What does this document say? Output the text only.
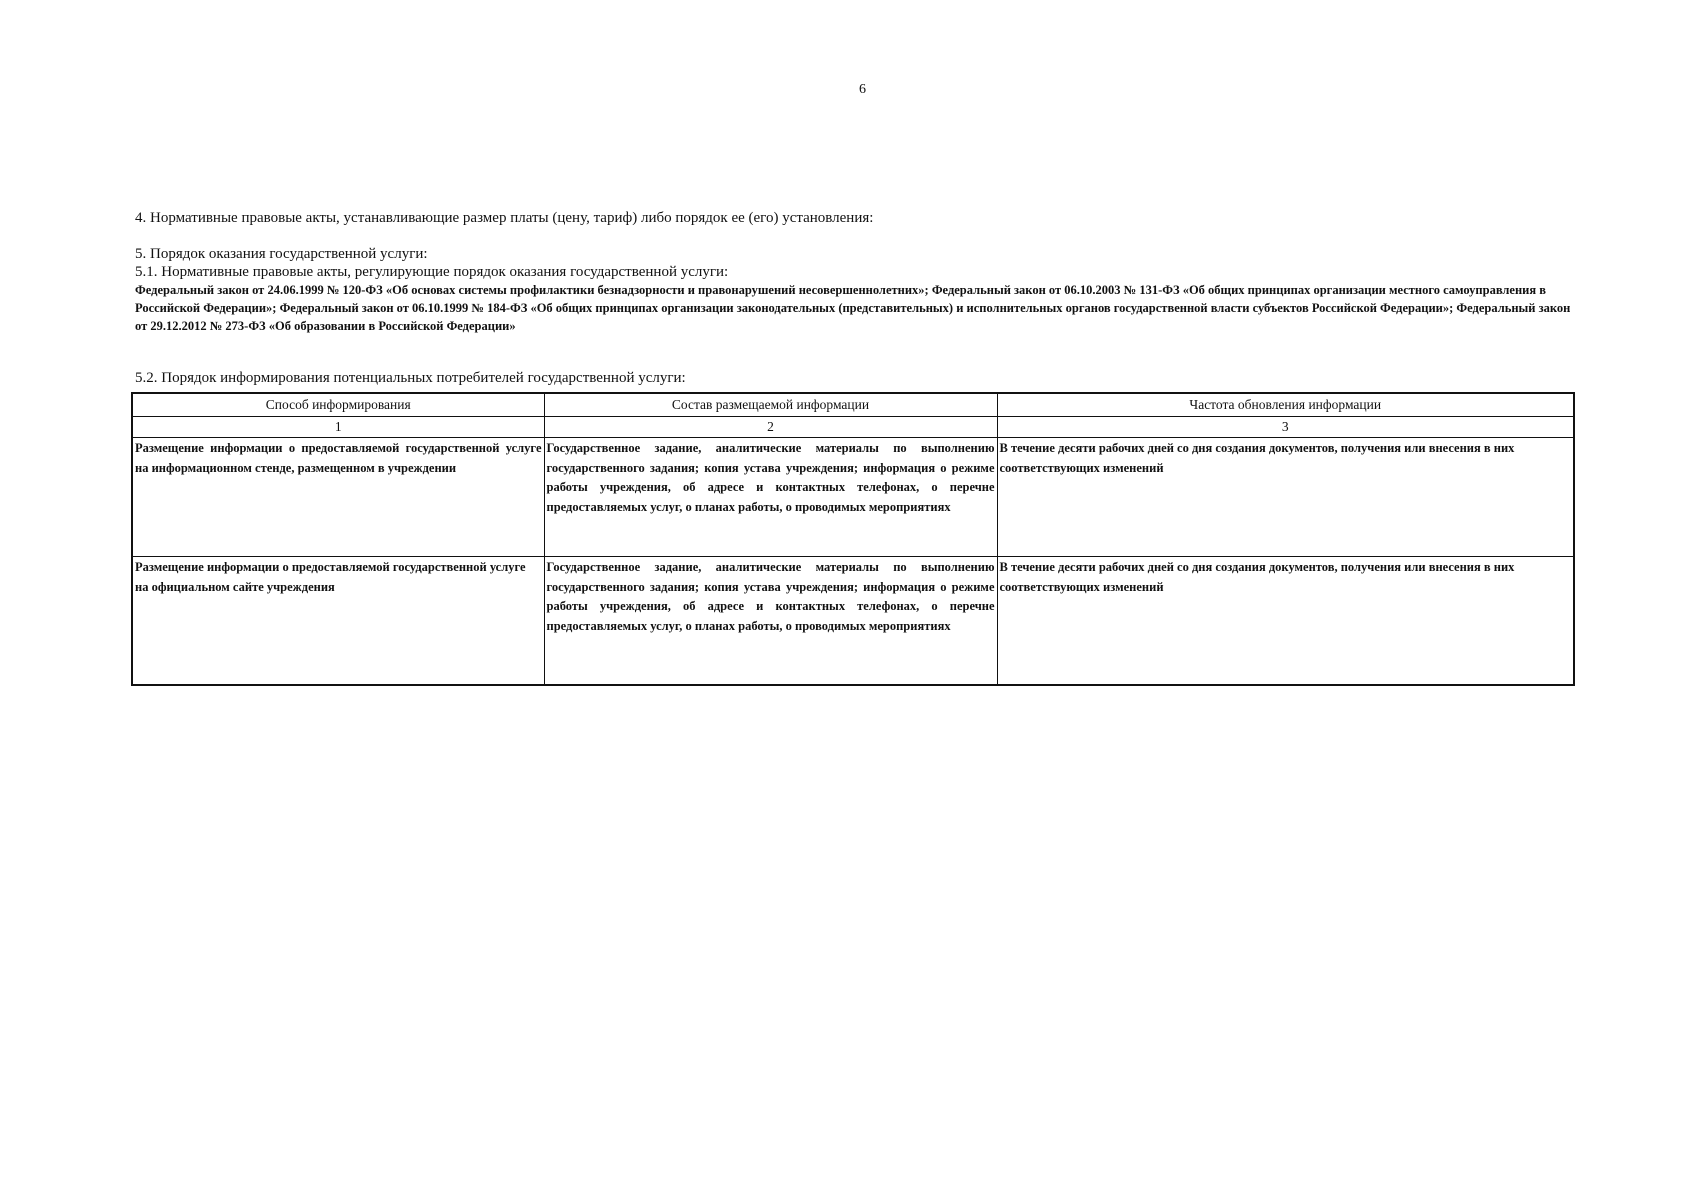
6
4. Нормативные правовые акты, устанавливающие размер платы (цену, тариф) либо порядок ее (его) установления:
5. Порядок оказания государственной услуги:
5.1. Нормативные правовые акты, регулирующие порядок оказания государственной услуги:
Федеральный закон от 24.06.1999 № 120-ФЗ «Об основах системы профилактики безнадзорности и правонарушений несовершеннолетних»; Федеральный закон от 06.10.2003 № 131-ФЗ «Об общих принципах организации местного самоуправления в Российской Федерации»; Федеральный закон от 06.10.1999 № 184-ФЗ «Об общих принципах организации законодательных (представительных) и исполнительных органов государственной власти субъектов Российской Федерации»; Федеральный закон от 29.12.2012 № 273-ФЗ «Об образовании в Российской Федерации»
5.2. Порядок информирования потенциальных потребителей государственной услуги:
Способ информирования	Состав размещаемой информации	Частота обновления информации
1	2	3
Размещение информации о предоставляемой государственной услуге на информационном стенде, размещенном в учреждении	Государственное задание, аналитические материалы по выполнению государственного задания; копия устава учреждения; информация о режиме работы учреждения, об адресе и контактных телефонах, о перечне предоставляемых услуг, о планах работы, о проводимых мероприятиях	В течение десяти рабочих дней со дня создания документов, получения или внесения в них соответствующих изменений
Размещение информации о предоставляемой государственной услуге на официальном сайте учреждения	Государственное задание, аналитические материалы по выполнению государственного задания; копия устава учреждения; информация о режиме работы учреждения, об адресе и контактных телефонах, о перечне предоставляемых услуг, о планах работы, о проводимых мероприятиях	В течение десяти рабочих дней со дня создания документов, получения или внесения в них соответствующих изменений
